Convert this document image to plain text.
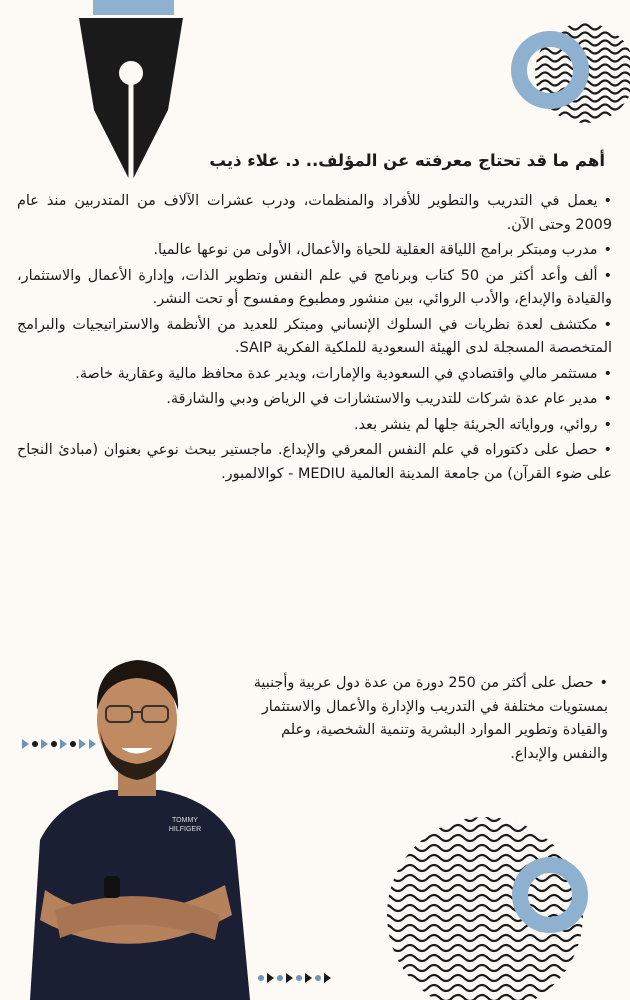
أهم ما قد تحتاج معرفته عن المؤلف.. د. علاء ذيب
• يعمل في التدريب والتطوير للأفراد والمنظمات، ودرب عشرات الآلاف من المتدربين منذ عام 2009 وحتى الآن.
• مدرب ومبتكر برامج اللياقة العقلية للحياة والأعمال، الأولى من نوعها عالميا.
• ألف وأعد أكثر من 50 كتاب وبرنامج في علم النفس وتطوير الذات، وإدارة الأعمال والاستثمار، والقيادة والإبداع، والأدب الروائي، بين منشور ومطبوع ومفسوح أو تحت النشر.
• مكتشف لعدة نظريات في السلوك الإنساني ومبتكر للعديد من الأنظمة والاستراتيجيات والبرامج المتخصصة المسجلة لدى الهيئة السعودية للملكية الفكرية SAIP.
• مستثمر مالي واقتصادي في السعودية والإمارات، ويدير عدة محافظ مالية وعقارية خاصة.
• مدير عام عدة شركات للتدريب والاستشارات في الرياض ودبي والشارقة.
• روائي، ورواياته الجريئة جلها لم ينشر بعد.
• حصل على دكتوراه في علم النفس المعرفي والإبداع. ماجستير ببحث نوعي بعنوان (مبادئ النجاح على ضوء القرآن) من جامعة المدينة العالمية MEDIU - كوالالمبور.
• حصل على أكثر من 250 دورة من عدة دول عربية وأجنبية بمستويات مختلفة في التدريب والإدارة والأعمال والاستثمار والقيادة وتطوير الموارد البشرية وتنمية الشخصية، وعلم والنفس والإبداع.
TOMMY
HILFIGER
